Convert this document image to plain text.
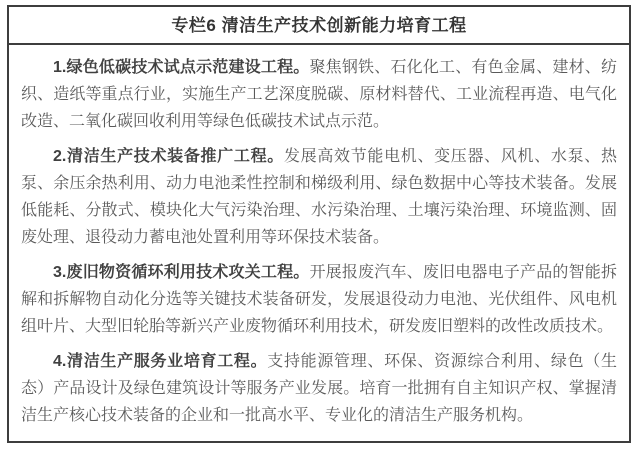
专栏6 清洁生产技术创新能力培育工程

1.绿色低碳技术试点示范建设工程。聚焦钢铁、石化化工、有色金属、建材、纺织、造纸等重点行业，实施生产工艺深度脱碳、原材料替代、工业流程再造、电气化改造、二氧化碳回收利用等绿色低碳技术试点示范。

2.清洁生产技术装备推广工程。发展高效节能电机、变压器、风机、水泵、热泵、余压余热利用、动力电池柔性控制和梯级利用、绿色数据中心等技术装备。发展低能耗、分散式、模块化大气污染治理、水污染治理、土壤污染治理、环境监测、固废处理、退役动力蓄电池处置利用等环保技术装备。

3.废旧物资循环利用技术攻关工程。开展报废汽车、废旧电器电子产品的智能拆解和拆解物自动化分选等关键技术装备研发，发展退役动力电池、光伏组件、风电机组叶片、大型旧轮胎等新兴产业废物循环利用技术，研发废旧塑料的改性改质技术。

4.清洁生产服务业培育工程。支持能源管理、环保、资源综合利用、绿色（生态）产品设计及绿色建筑设计等服务产业发展。培育一批拥有自主知识产权、掌握清洁生产核心技术装备的企业和一批高水平、专业化的清洁生产服务机构。
